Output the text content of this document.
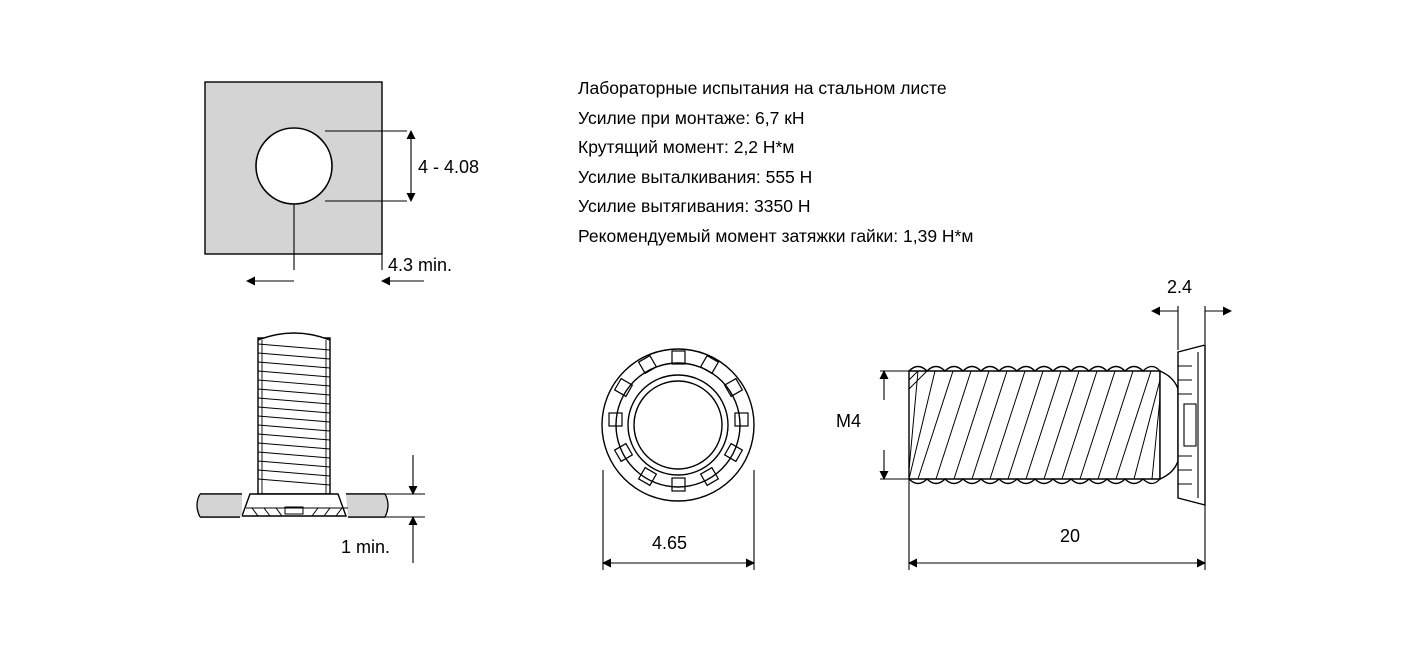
Лабораторные испытания на стальном листе
Усилие при монтаже: 6,7 кН
Крутящий момент: 2,2 Н*м
Усилие выталкивания: 555 Н
Усилие вытягивания: 3350 Н
Рекомендуемый момент затяжки гайки: 1,39 Н*м
4 - 4.08
4.3 min.
1 min.	4.65
M4
20
2.4
